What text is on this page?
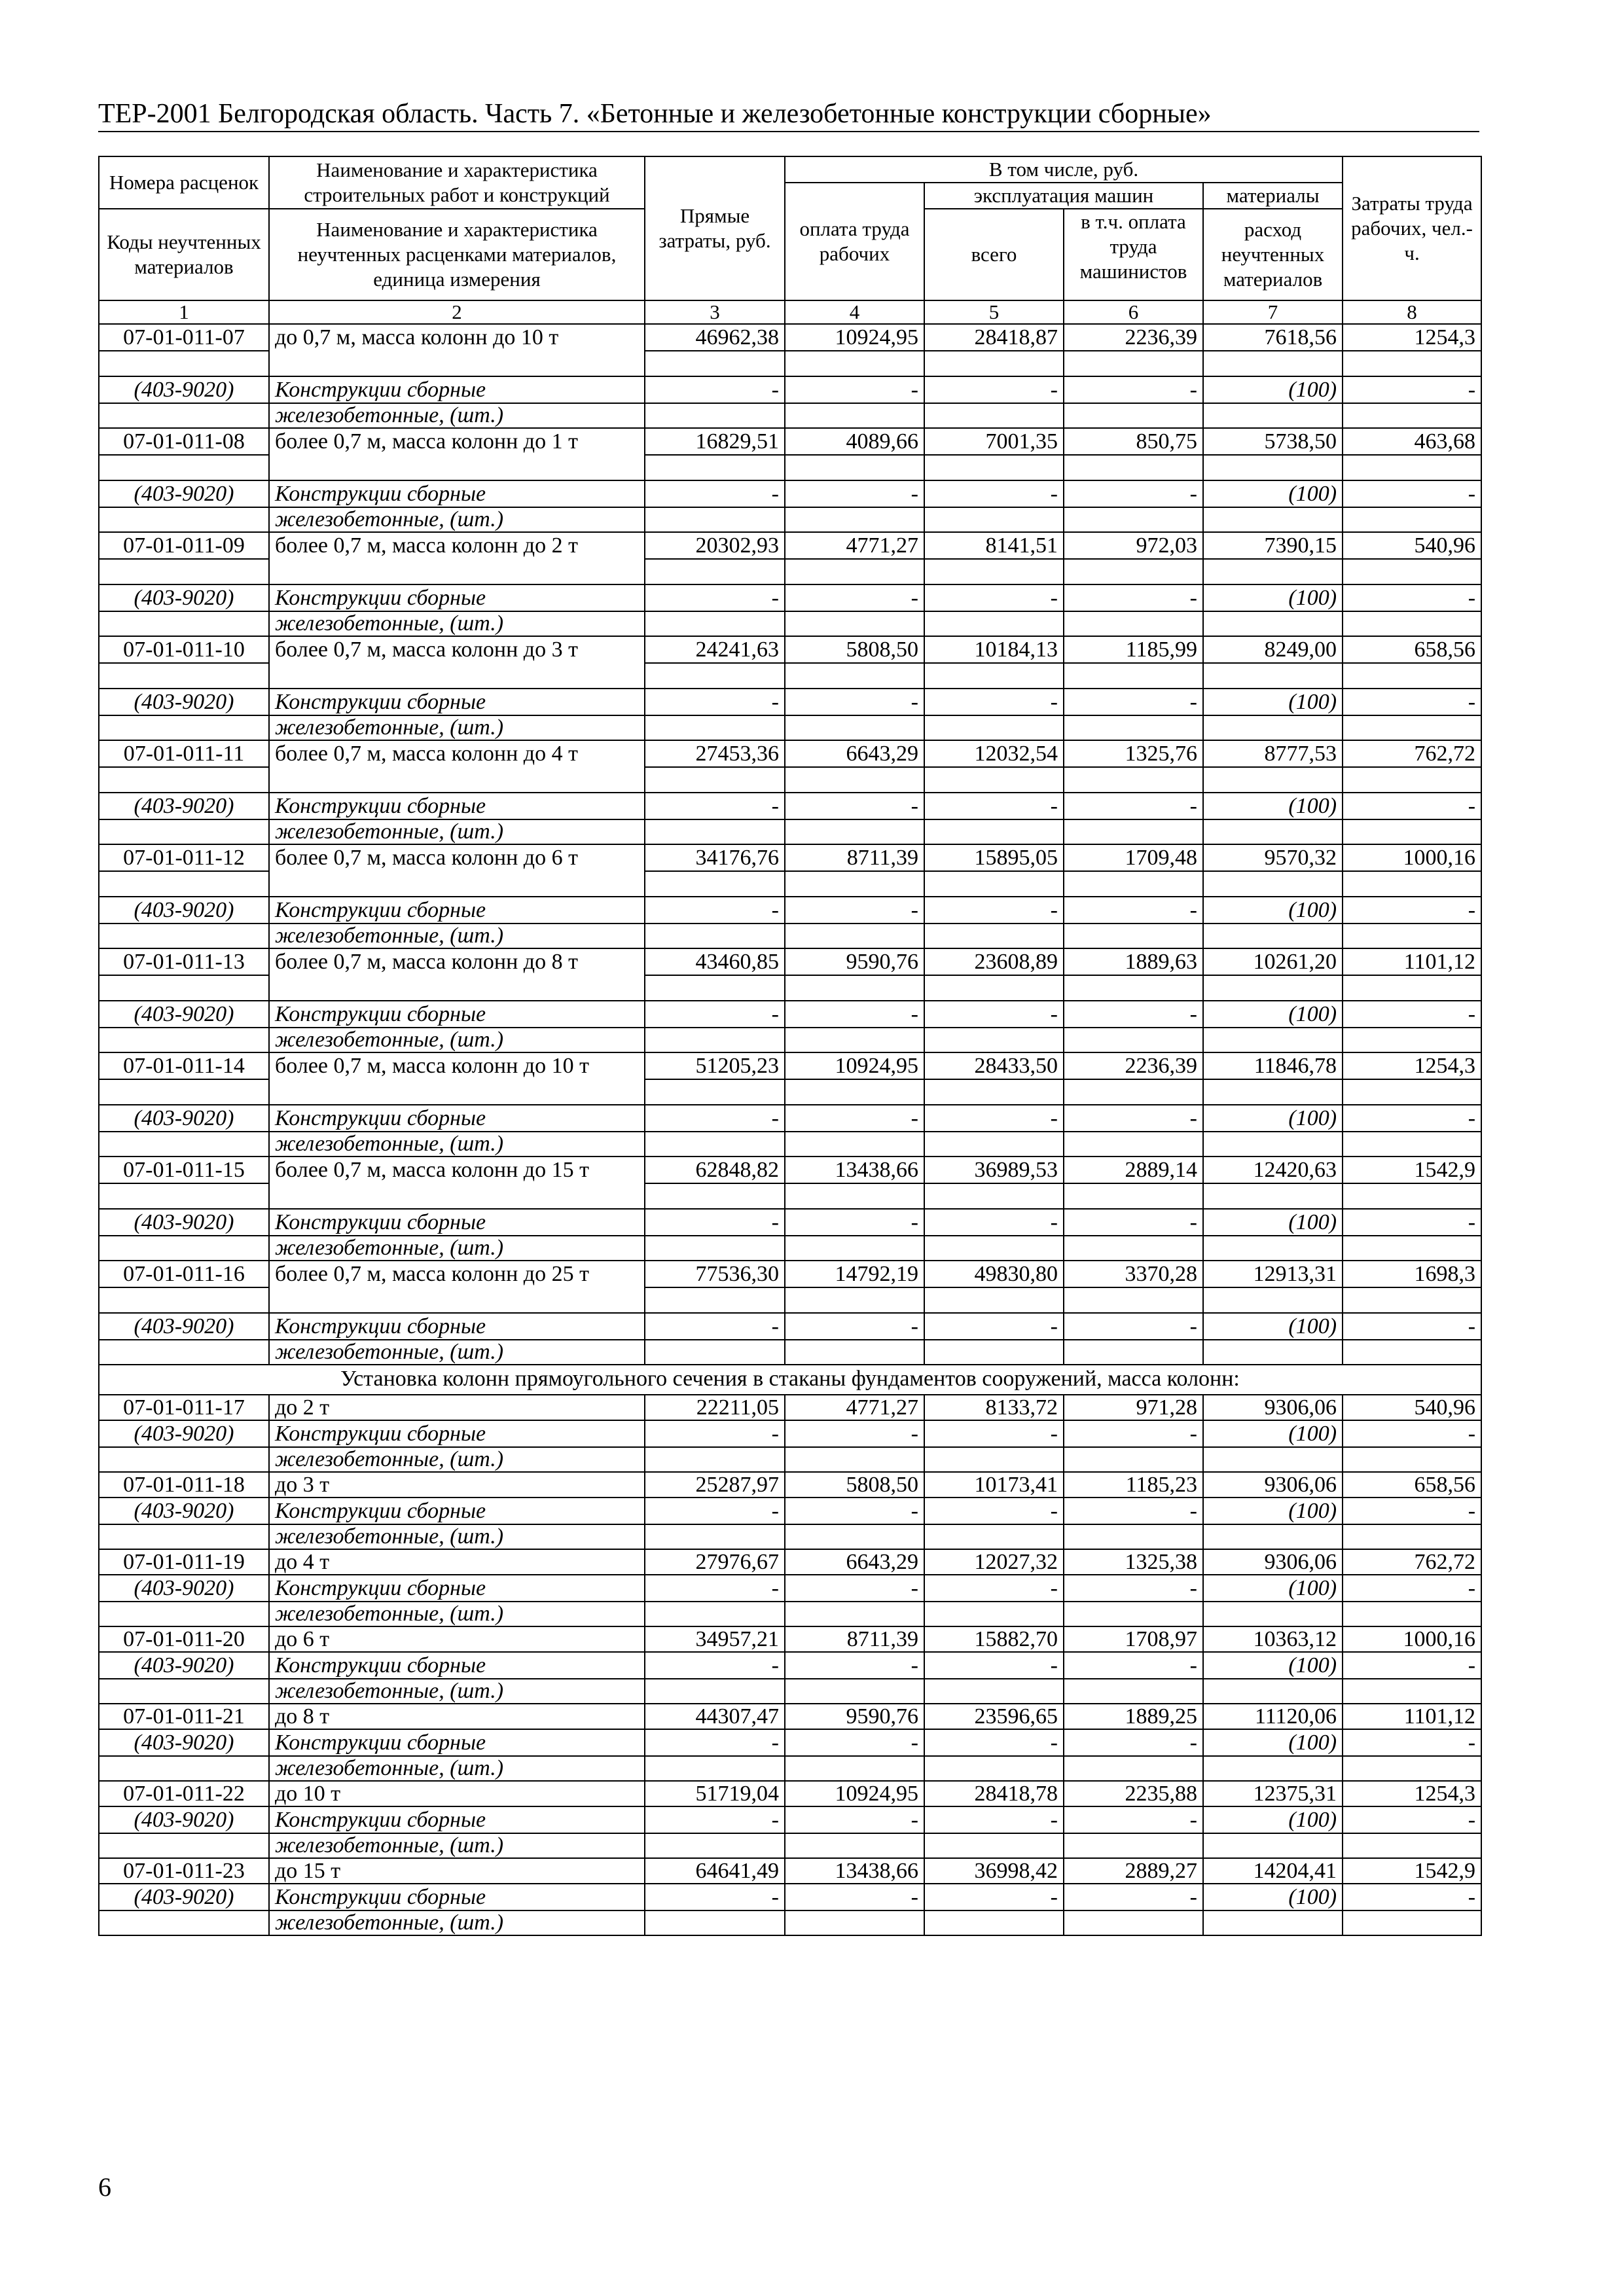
ТЕР-2001 Белгородская область. Часть 7. «Бетонные и железобетонные конструкции сборные»
Номера расценок	Наименование и характеристика строительных работ и конструкций	Прямые затраты, руб.	В том числе, руб.				Затраты труда рабочих, чел.-ч.
			оплата труда рабочих	эксплуатация машин		материалы	
Коды неучтенных материалов	Наименование и характеристика неучтенных расценками материалов, единица измерения			всего	в т.ч. оплата труда машинистов	расход неучтенных материалов	

1	2	3	4	5	6	7	8
07-01-011-07	до 0,7 м, масса колонн до 10 т	46962,38	10924,95	28418,87	2236,39	7618,56	1254,3

(403-9020)	Конструкции сборные	-	-	-	-	(100)	-
	железобетонные, (шт.)						
07-01-011-08	более 0,7 м, масса колонн до 1 т	16829,51	4089,66	7001,35	850,75	5738,50	463,68

(403-9020)	Конструкции сборные	-	-	-	-	(100)	-
	железобетонные, (шт.)						
07-01-011-09	более 0,7 м, масса колонн до 2 т	20302,93	4771,27	8141,51	972,03	7390,15	540,96

(403-9020)	Конструкции сборные	-	-	-	-	(100)	-
	железобетонные, (шт.)						
07-01-011-10	более 0,7 м, масса колонн до 3 т	24241,63	5808,50	10184,13	1185,99	8249,00	658,56

(403-9020)	Конструкции сборные	-	-	-	-	(100)	-
	железобетонные, (шт.)						
07-01-011-11	более 0,7 м, масса колонн до 4 т	27453,36	6643,29	12032,54	1325,76	8777,53	762,72

(403-9020)	Конструкции сборные	-	-	-	-	(100)	-
	железобетонные, (шт.)						
07-01-011-12	более 0,7 м, масса колонн до 6 т	34176,76	8711,39	15895,05	1709,48	9570,32	1000,16

(403-9020)	Конструкции сборные	-	-	-	-	(100)	-
	железобетонные, (шт.)						
07-01-011-13	более 0,7 м, масса колонн до 8 т	43460,85	9590,76	23608,89	1889,63	10261,20	1101,12

(403-9020)	Конструкции сборные	-	-	-	-	(100)	-
	железобетонные, (шт.)						
07-01-011-14	более 0,7 м, масса колонн до 10 т	51205,23	10924,95	28433,50	2236,39	11846,78	1254,3

(403-9020)	Конструкции сборные	-	-	-	-	(100)	-
	железобетонные, (шт.)						
07-01-011-15	более 0,7 м, масса колонн до 15 т	62848,82	13438,66	36989,53	2889,14	12420,63	1542,9

(403-9020)	Конструкции сборные	-	-	-	-	(100)	-
	железобетонные, (шт.)						
07-01-011-16	более 0,7 м, масса колонн до 25 т	77536,30	14792,19	49830,80	3370,28	12913,31	1698,3

(403-9020)	Конструкции сборные	-	-	-	-	(100)	-
	железобетонные, (шт.)						
Установка колонн прямоугольного сечения в стаканы фундаментов сооружений, масса колонн:							
07-01-011-17	до 2 т	22211,05	4771,27	8133,72	971,28	9306,06	540,96
(403-9020)	Конструкции сборные	-	-	-	-	(100)	-
	железобетонные, (шт.)						
07-01-011-18	до 3 т	25287,97	5808,50	10173,41	1185,23	9306,06	658,56
(403-9020)	Конструкции сборные	-	-	-	-	(100)	-
	железобетонные, (шт.)						
07-01-011-19	до 4 т	27976,67	6643,29	12027,32	1325,38	9306,06	762,72
(403-9020)	Конструкции сборные	-	-	-	-	(100)	-
	железобетонные, (шт.)						
07-01-011-20	до 6 т	34957,21	8711,39	15882,70	1708,97	10363,12	1000,16
(403-9020)	Конструкции сборные	-	-	-	-	(100)	-
	железобетонные, (шт.)						
07-01-011-21	до 8 т	44307,47	9590,76	23596,65	1889,25	11120,06	1101,12
(403-9020)	Конструкции сборные	-	-	-	-	(100)	-
	железобетонные, (шт.)						
07-01-011-22	до 10 т	51719,04	10924,95	28418,78	2235,88	12375,31	1254,3
(403-9020)	Конструкции сборные	-	-	-	-	(100)	-
	железобетонные, (шт.)						
07-01-011-23	до 15 т	64641,49	13438,66	36998,42	2889,27	14204,41	1542,9
(403-9020)	Конструкции сборные	-	-	-	-	(100)	-
	железобетонные, (шт.)						
6
